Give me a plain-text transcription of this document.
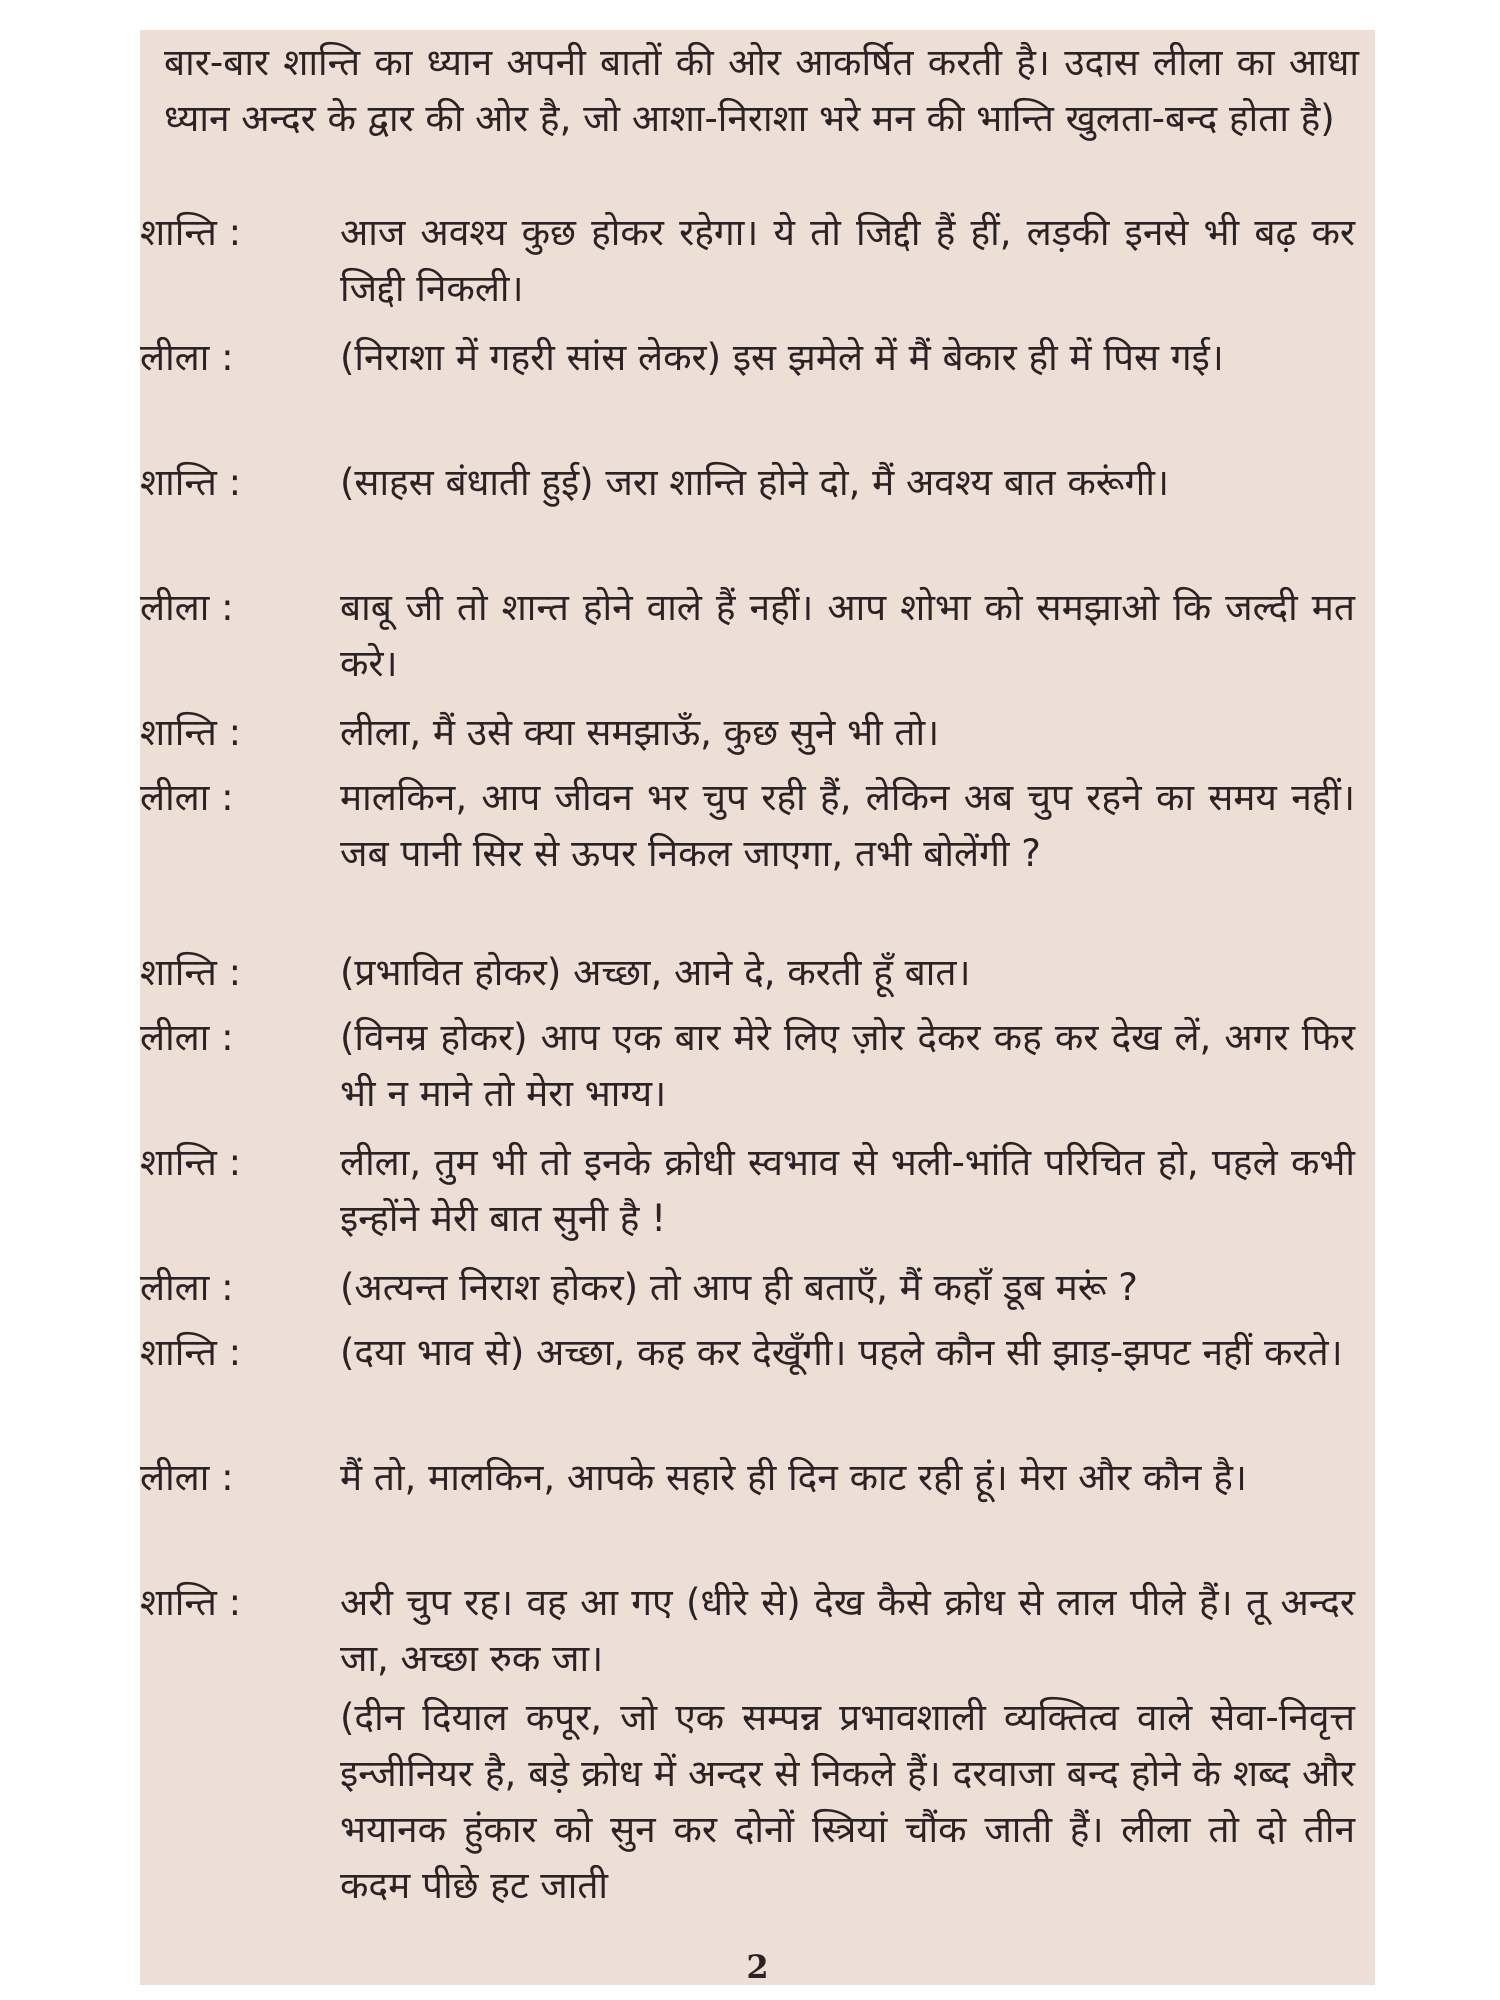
बार-बार शान्ति का ध्यान अपनी बातों की ओर आकर्षित करती है। उदास लीला का आधा ध्यान अन्दर के द्वार की ओर है, जो आशा-निराशा भरे मन की भान्ति खुलता-बन्द होता है)

शान्ति :	आज अवश्य कुछ होकर रहेगा। ये तो जिद्दी हैं हीं, लड़की इनसे भी बढ़ कर जिद्दी निकली।
लीला :	(निराशा में गहरी सांस लेकर) इस झमेले में मैं बेकार ही में पिस गई।
शान्ति :	(साहस बंधाती हुई) जरा शान्ति होने दो, मैं अवश्य बात करूंगी।
लीला :	बाबू जी तो शान्त होने वाले हैं नहीं। आप शोभा को समझाओ कि जल्दी मत करे।
शान्ति :	लीला, मैं उसे क्या समझाऊँ, कुछ सुने भी तो।
लीला :	मालकिन, आप जीवन भर चुप रही हैं, लेकिन अब चुप रहने का समय नहीं। जब पानी सिर से ऊपर निकल जाएगा, तभी बोलेंगी ?
शान्ति :	(प्रभावित होकर) अच्छा, आने दे, करती हूँ बात।
लीला :	(विनम्र होकर) आप एक बार मेरे लिए ज़ोर देकर कह कर देख लें, अगर फिर भी न माने तो मेरा भाग्य।
शान्ति :	लीला, तुम भी तो इनके क्रोधी स्वभाव से भली-भांति परिचित हो, पहले कभी इन्होंने मेरी बात सुनी है !
लीला :	(अत्यन्त निराश होकर) तो आप ही बताएँ, मैं कहाँ डूब मरूं ?
शान्ति :	(दया भाव से) अच्छा, कह कर देखूँगी। पहले कौन सी झाड़-झपट नहीं करते।
लीला :	मैं तो, मालकिन, आपके सहारे ही दिन काट रही हूं। मेरा और कौन है।
शान्ति :	अरी चुप रह। वह आ गए (धीरे से) देख कैसे क्रोध से लाल पीले हैं। तू अन्दर जा, अच्छा रुक जा।

(दीन दियाल कपूर, जो एक सम्पन्न प्रभावशाली व्यक्तित्व वाले सेवा-निवृत्त इन्जीनियर है, बड़े क्रोध में अन्दर से निकले हैं। दरवाजा बन्द होने के शब्द और भयानक हुंकार को सुन कर दोनों स्त्रियां चौंक जाती हैं। लीला तो दो तीन कदम पीछे हट जाती

2
